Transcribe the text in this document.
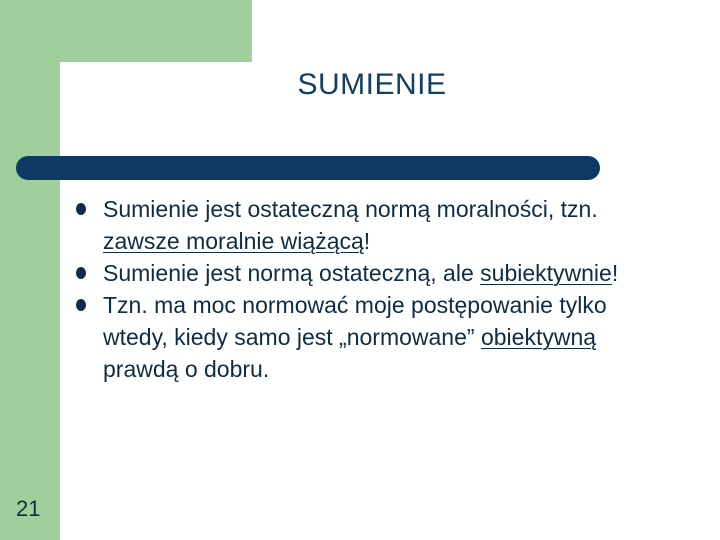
SUMIENIE
Sumienie jest ostateczną normą moralności, tzn. zawsze moralnie wiążącą!
Sumienie jest normą ostateczną, ale subiektywnie!
Tzn. ma moc normować moje postępowanie tylko wtedy, kiedy samo jest „normowane” obiektywną prawdą o dobru.
21
